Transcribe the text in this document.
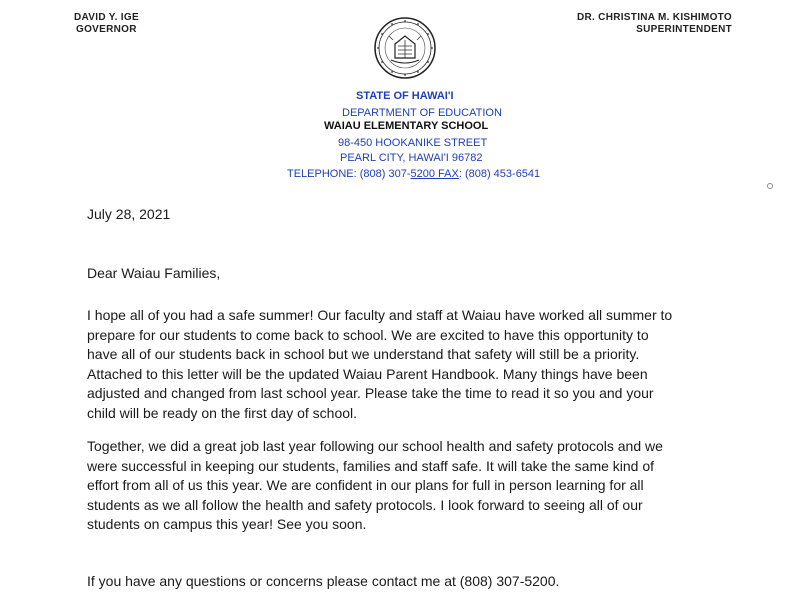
DAVID Y. IGE
GOVERNOR
DR. CHRISTINA M. KISHIMOTO
SUPERINTENDENT
STATE OF HAWAI'I
DEPARTMENT OF EDUCATION
WAIAU ELEMENTARY SCHOOL
98-450 HOOKANIKE STREET
PEARL CITY, HAWAI'I 96782
TELEPHONE: (808) 307-5200 FAX: (808) 453-6541
July 28, 2021
Dear Waiau Families,
I hope all of you had a safe summer! Our faculty and staff at Waiau have worked all summer to
prepare for our students to come back to school. We are excited to have this opportunity to
have all of our students back in school but we understand that safety will still be a priority.
Attached to this letter will be the updated Waiau Parent Handbook. Many things have been
adjusted and changed from last school year. Please take the time to read it so you and your
child will be ready on the first day of school.
Together, we did a great job last year following our school health and safety protocols and we
were successful in keeping our students, families and staff safe. It will take the same kind of
effort from all of us this year. We are confident in our plans for full in person learning for all
students as we all follow the health and safety protocols. I look forward to seeing all of our
students on campus this year! See you soon.
If you have any questions or concerns please contact me at (808) 307-5200.
